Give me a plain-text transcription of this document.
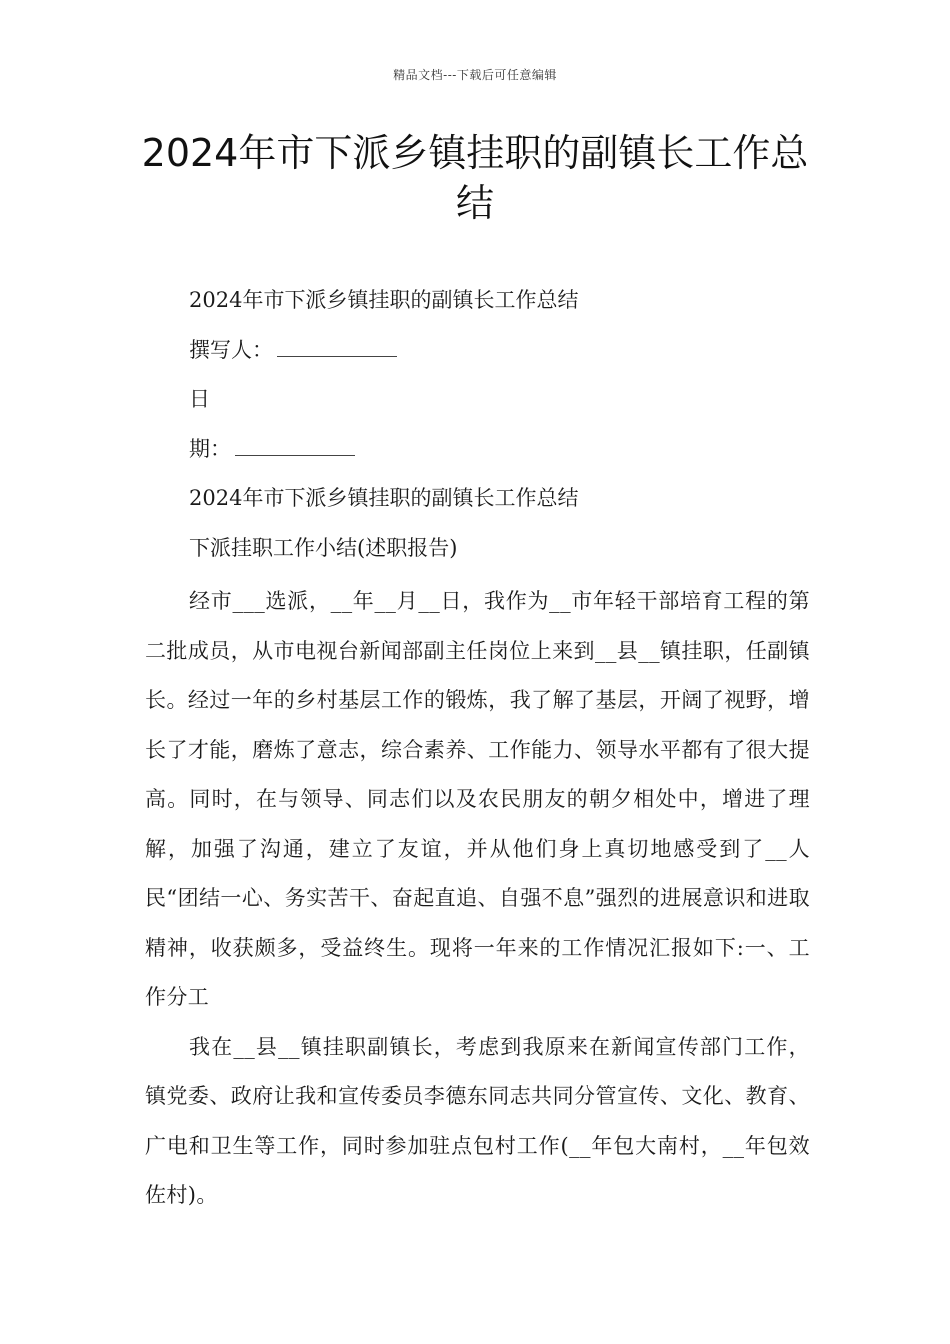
精品文档---下载后可任意编辑
2024年市下派乡镇挂职的副镇长工作总结
2024年市下派乡镇挂职的副镇长工作总结
撰写人：
日
期：
2024年市下派乡镇挂职的副镇长工作总结
下派挂职工作小结(述职报告)
经市___选派，__年__月__日，我作为__市年轻干部培育工程的第二批成员，从市电视台新闻部副主任岗位上来到__县__镇挂职，任副镇长。经过一年的乡村基层工作的锻炼，我了解了基层，开阔了视野，增长了才能，磨炼了意志，综合素养、工作能力、领导水平都有了很大提高。同时，在与领导、同志们以及农民朋友的朝夕相处中，增进了理解，加强了沟通，建立了友谊，并从他们身上真切地感受到了__人民“团结一心、务实苦干、奋起直追、自强不息”强烈的进展意识和进取精神，收获颇多，受益终生。现将一年来的工作情况汇报如下:一、工作分工
我在__县__镇挂职副镇长，考虑到我原来在新闻宣传部门工作，镇党委、政府让我和宣传委员李德东同志共同分管宣传、文化、教育、广电和卫生等工作，同时参加驻点包村工作(__年包大南村，__年包效佐村)。
